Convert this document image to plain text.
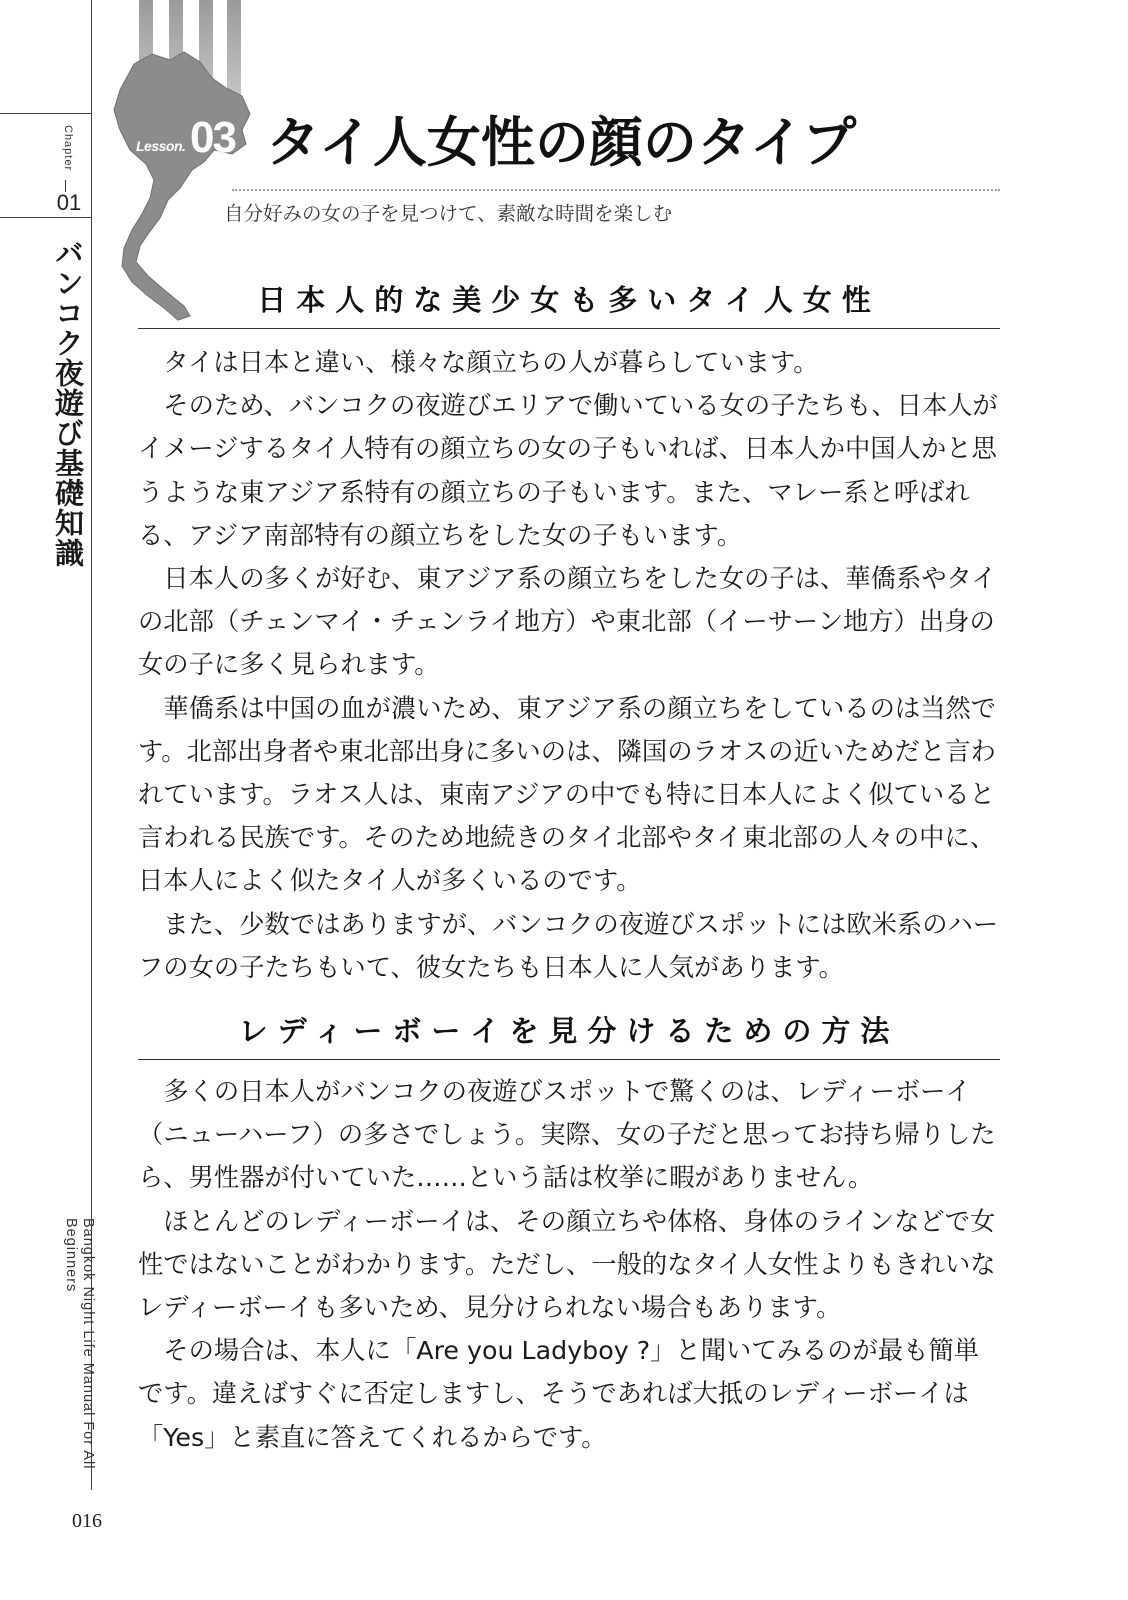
Chapter
01
バンコク夜遊び基礎知識
Bangkok Night Life Manual For All Beginners
016
Lesson. 03 タイ人女性の顔のタイプ

自分好みの女の子を見つけて、素敵な時間を楽しむ

日本人的な美少女も多いタイ人女性

タイは日本と違い、様々な顔立ちの人が暮らしています。

そのため、バンコクの夜遊びエリアで働いている女の子たちも、日本人がイメージするタイ人特有の顔立ちの女の子もいれば、日本人か中国人かと思うような東アジア系特有の顔立ちの子もいます。また、マレー系と呼ばれる、アジア南部特有の顔立ちをした女の子もいます。

日本人の多くが好む、東アジア系の顔立ちをした女の子は、華僑系やタイの北部（チェンマイ・チェンライ地方）や東北部（イーサーン地方）出身の女の子に多く見られます。

華僑系は中国の血が濃いため、東アジア系の顔立ちをしているのは当然です。北部出身者や東北部出身に多いのは、隣国のラオスの近いためだと言われています。ラオス人は、東南アジアの中でも特に日本人によく似ていると言われる民族です。そのため地続きのタイ北部やタイ東北部の人々の中に、日本人によく似たタイ人が多くいるのです。

また、少数ではありますが、バンコクの夜遊びスポットには欧米系のハーフの女の子たちもいて、彼女たちも日本人に人気があります。

レディーボーイを見分けるための方法

多くの日本人がバンコクの夜遊びスポットで驚くのは、レディーボーイ（ニューハーフ）の多さでしょう。実際、女の子だと思ってお持ち帰りしたら、男性器が付いていた……という話は枚挙に暇がありません。

ほとんどのレディーボーイは、その顔立ちや体格、身体のラインなどで女性ではないことがわかります。ただし、一般的なタイ人女性よりもきれいなレディーボーイも多いため、見分けられない場合もあります。

その場合は、本人に「Are you Ladyboy ?」と聞いてみるのが最も簡単です。違えばすぐに否定しますし、そうであれば大抵のレディーボーイは「Yes」と素直に答えてくれるからです。
